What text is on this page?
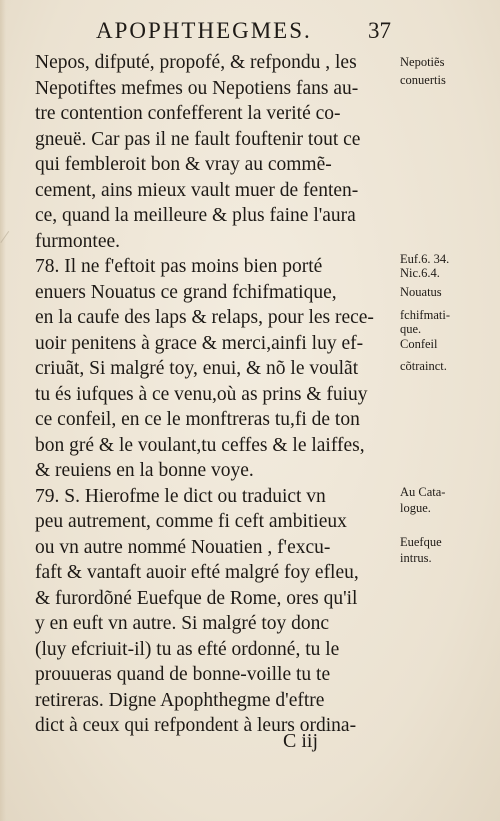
APOPHTHEGMES. 37
Nepos, difputé, propofé, & refpondu , les
Nepotiftes mefmes ou Nepotiens fans au-
tre contention confefferent la verité co-
gneuë. Car pas il ne fault fouftenir tout ce
qui fembleroit bon & vray au commẽ-
cement, ains mieux vault muer de fenten-
ce, quand la meilleure & plus faine l'aura
furmontee.
78. Il ne f'eftoit pas moins bien porté
enuers Nouatus ce grand fchifmatique,
en la caufe des laps & relaps, pour les rece-
uoir penitens à grace & merci,ainfi luy ef-
criuãt, Si malgré toy, enui, & nõ le voulãt
tu és iufques à ce venu,où as prins & fuiuy
ce confeil, en ce le monftreras tu,fi de ton
bon gré & le voulant,tu ceffes & le laiffes,
& reuiens en la bonne voye.
79. S. Hierofme le dict ou traduict vn
peu autrement, comme fi ceft ambitieux
ou vn autre nommé Nouatien , f'excu-
faft & vantaft auoir efté malgré foy efleu,
& furordõné Euefque de Rome, ores qu'il
y en euft vn autre. Si malgré toy donc
(luy efcriuit-il) tu as efté ordonné, tu le
prouueras quand de bonne-voille tu te
retireras. Digne Apophthegme d'eftre
dict à ceux qui refpondent à leurs ordina-
Nepotiẽs
conuertis
Euf.6. 34.
Nic.6.4.
Nouatus
fchifmati-
que.
Confeil
cõtrainct.
Au Cata-
logue.
Euefque
intrus.
C iij
